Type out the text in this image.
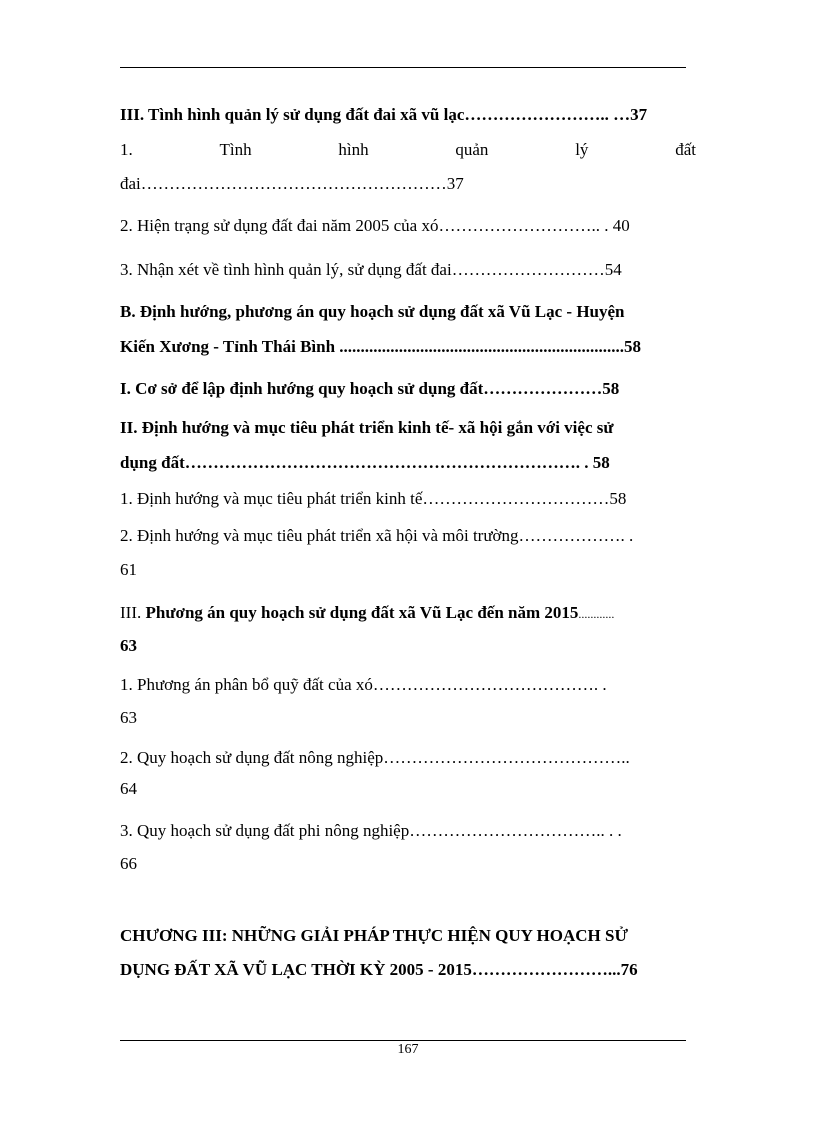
III. Tình hình quản lý sử dụng đất đai xã vũ lạc…………………….. …37
1.	Tình	hình	quản	lý	đất
đai………………………………………………37
2. Hiện trạng sử dụng đất đai năm 2005 của xó……………………….. . 40
3. Nhận xét về tình hình quản lý, sử dụng đất đai………………………54
B. Định hướng, phương án quy hoạch sử dụng đất xã Vũ Lạc - Huyện
Kiến Xương - Tỉnh Thái Bình ...................................................................58
I. Cơ sở để lập định hướng quy hoạch sử dụng đất…………………58
II. Định hướng và mục tiêu phát triển kinh tế- xã hội gắn với việc sử
dụng đất……………………………………………………………. . 58
1. Định hướng và mục tiêu phát triển kinh tế……………………………58
2. Định hướng và mục tiêu phát triển xã hội và môi trường………………. .
61
III. Phương án quy hoạch sử dụng đất xã Vũ Lạc đến năm 2015............
63
1. Phương án phân bổ quỹ đất của xó…………………………………. .
63
2. Quy hoạch sử dụng đất nông nghiệp……………………………………..
64
3. Quy hoạch sử dụng đất phi nông nghiệp…………………………….. . .
66
CHƯƠNG III: NHỮNG GIẢI PHÁP THỰC HIỆN QUY HOẠCH SỬ
DỤNG ĐẤT XÃ VŨ LẠC THỜI KỲ 2005 - 2015……………………...76
167
